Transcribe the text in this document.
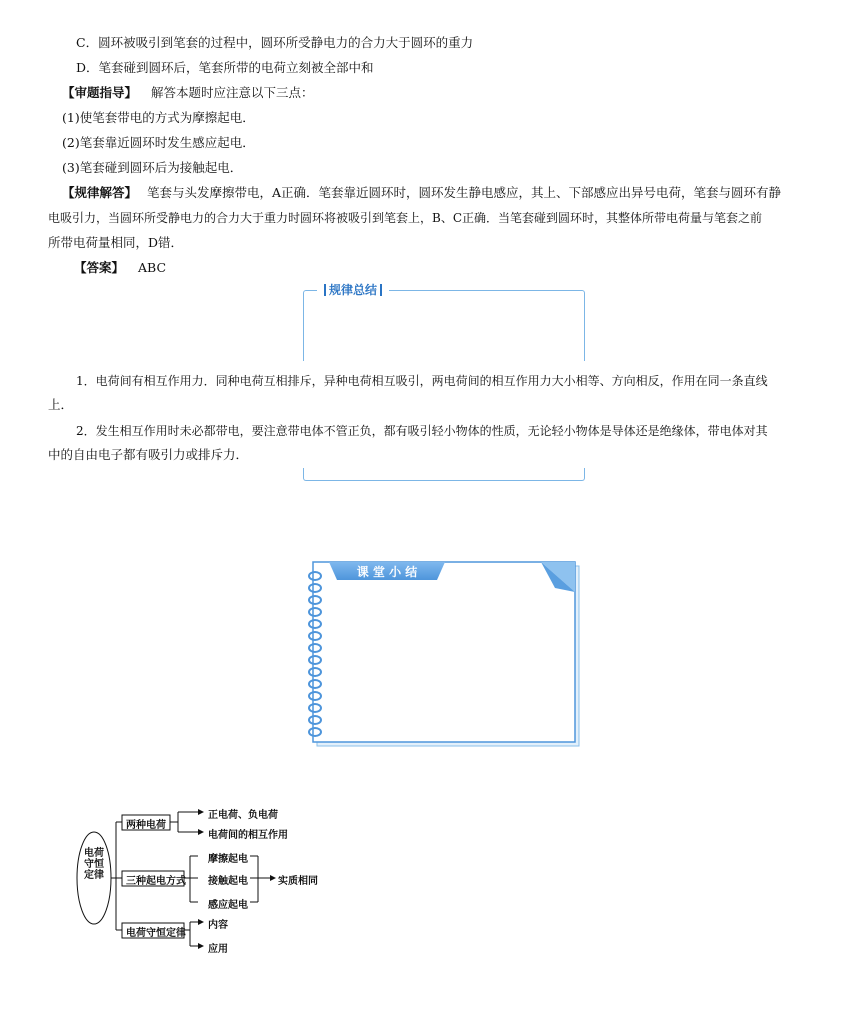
C．圆环被吸引到笔套的过程中，圆环所受静电力的合力大于圆环的重力
D．笔套碰到圆环后，笔套所带的电荷立刻被全部中和
【审题指导】 解答本题时应注意以下三点：
(1)使笔套带电的方式为摩擦起电．
(2)笔套靠近圆环时发生感应起电．
(3)笔套碰到圆环后为接触起电．
【规律解答】 笔套与头发摩擦带电，A正确．笔套靠近圆环时，圆环发生静电感应，其上、下部感应出异号电荷，笔套与圆环有静
电吸引力，当圆环所受静电力的合力大于重力时圆环将被吸引到笔套上，B、C正确．当笔套碰到圆环时，其整体所带电荷量与笔套之前
所带电荷量相同，D错．
【答案】 ABC
规律总结
1．电荷间有相互作用力．同种电荷互相排斥，异种电荷相互吸引，两电荷间的相互作用力大小相等、方向相反，作用在同一条直线
上．
2．发生相互作用时未必都带电，要注意带电体不管正负，都有吸引轻小物体的性质，无论轻小物体是导体还是绝缘体，带电体对其
中的自由电子都有吸引力或排斥力．
课 堂 小 结
电荷守恒定律
两种电荷
三种起电方式
电荷守恒定律
正电荷、负电荷
电荷间的相互作用
摩擦起电
接触起电
感应起电
实质相同
内容
应用
